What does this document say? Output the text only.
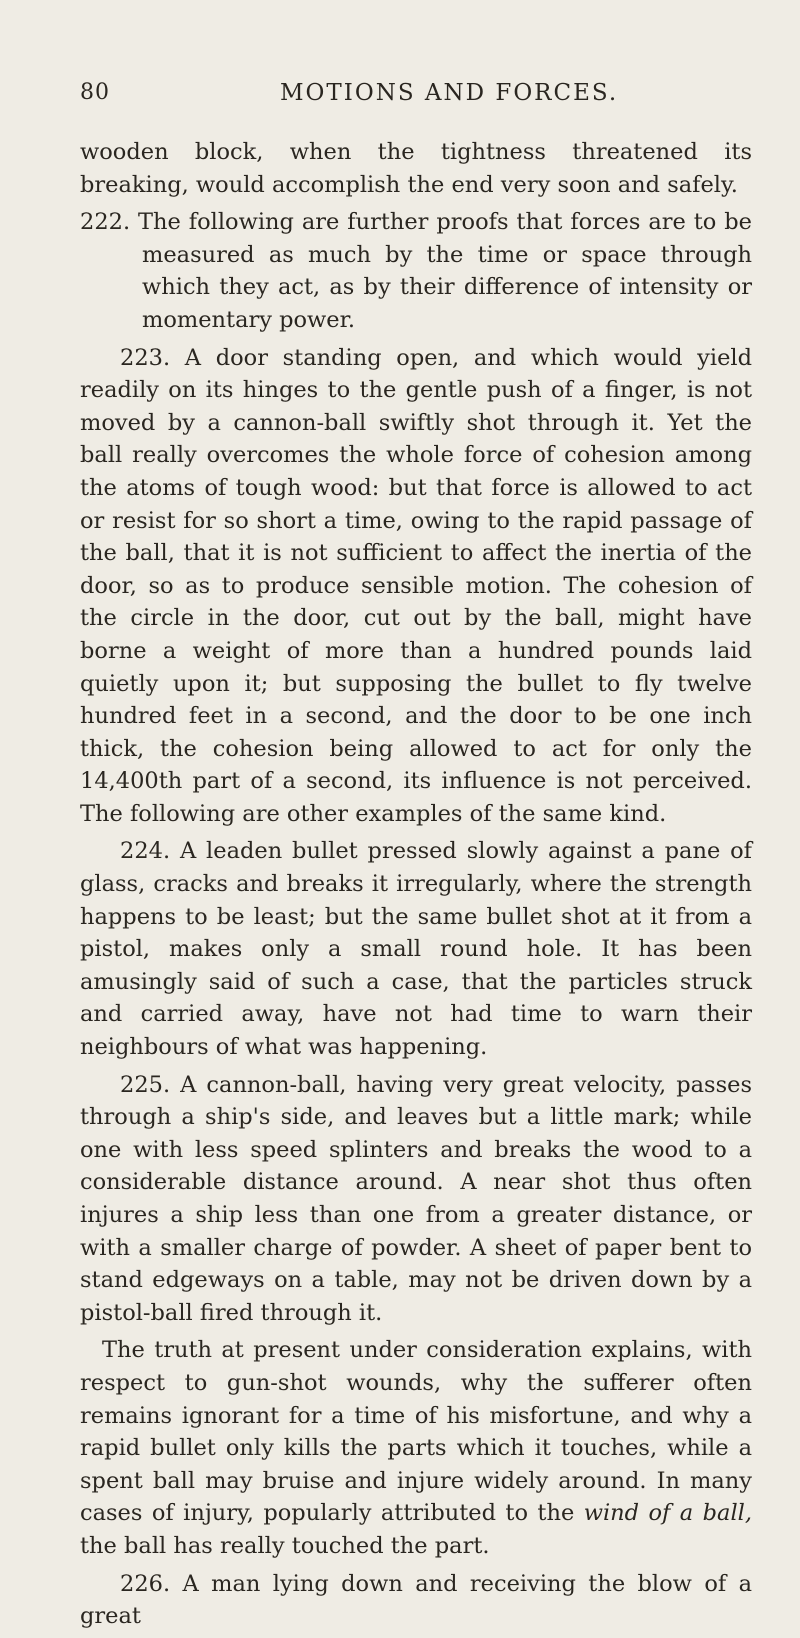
80	MOTIONS AND FORCES.

wooden block, when the tightness threatened its breaking, would accomplish the end very soon and safely.

222. The following are further proofs that forces are to be measured as much by the time or space through which they act, as by their difference of intensity or momentary power.

223. A door standing open, and which would yield readily on its hinges to the gentle push of a finger, is not moved by a cannon-ball swiftly shot through it. Yet the ball really overcomes the whole force of cohesion among the atoms of tough wood: but that force is allowed to act or resist for so short a time, owing to the rapid passage of the ball, that it is not sufficient to affect the inertia of the door, so as to produce sensible motion. The cohesion of the circle in the door, cut out by the ball, might have borne a weight of more than a hundred pounds laid quietly upon it; but supposing the bullet to fly twelve hundred feet in a second, and the door to be one inch thick, the cohesion being allowed to act for only the 14,400th part of a second, its influence is not perceived. The following are other examples of the same kind.

224. A leaden bullet pressed slowly against a pane of glass, cracks and breaks it irregularly, where the strength happens to be least; but the same bullet shot at it from a pistol, makes only a small round hole. It has been amusingly said of such a case, that the particles struck and carried away, have not had time to warn their neighbours of what was happening.

225. A cannon-ball, having very great velocity, passes through a ship's side, and leaves but a little mark; while one with less speed splinters and breaks the wood to a considerable distance around. A near shot thus often injures a ship less than one from a greater distance, or with a smaller charge of powder. A sheet of paper bent to stand edgeways on a table, may not be driven down by a pistol-ball fired through it.

The truth at present under consideration explains, with respect to gun-shot wounds, why the sufferer often remains ignorant for a time of his misfortune, and why a rapid bullet only kills the parts which it touches, while a spent ball may bruise and injure widely around. In many cases of injury, popularly attributed to the wind of a ball, the ball has really touched the part.

226. A man lying down and receiving the blow of a great
